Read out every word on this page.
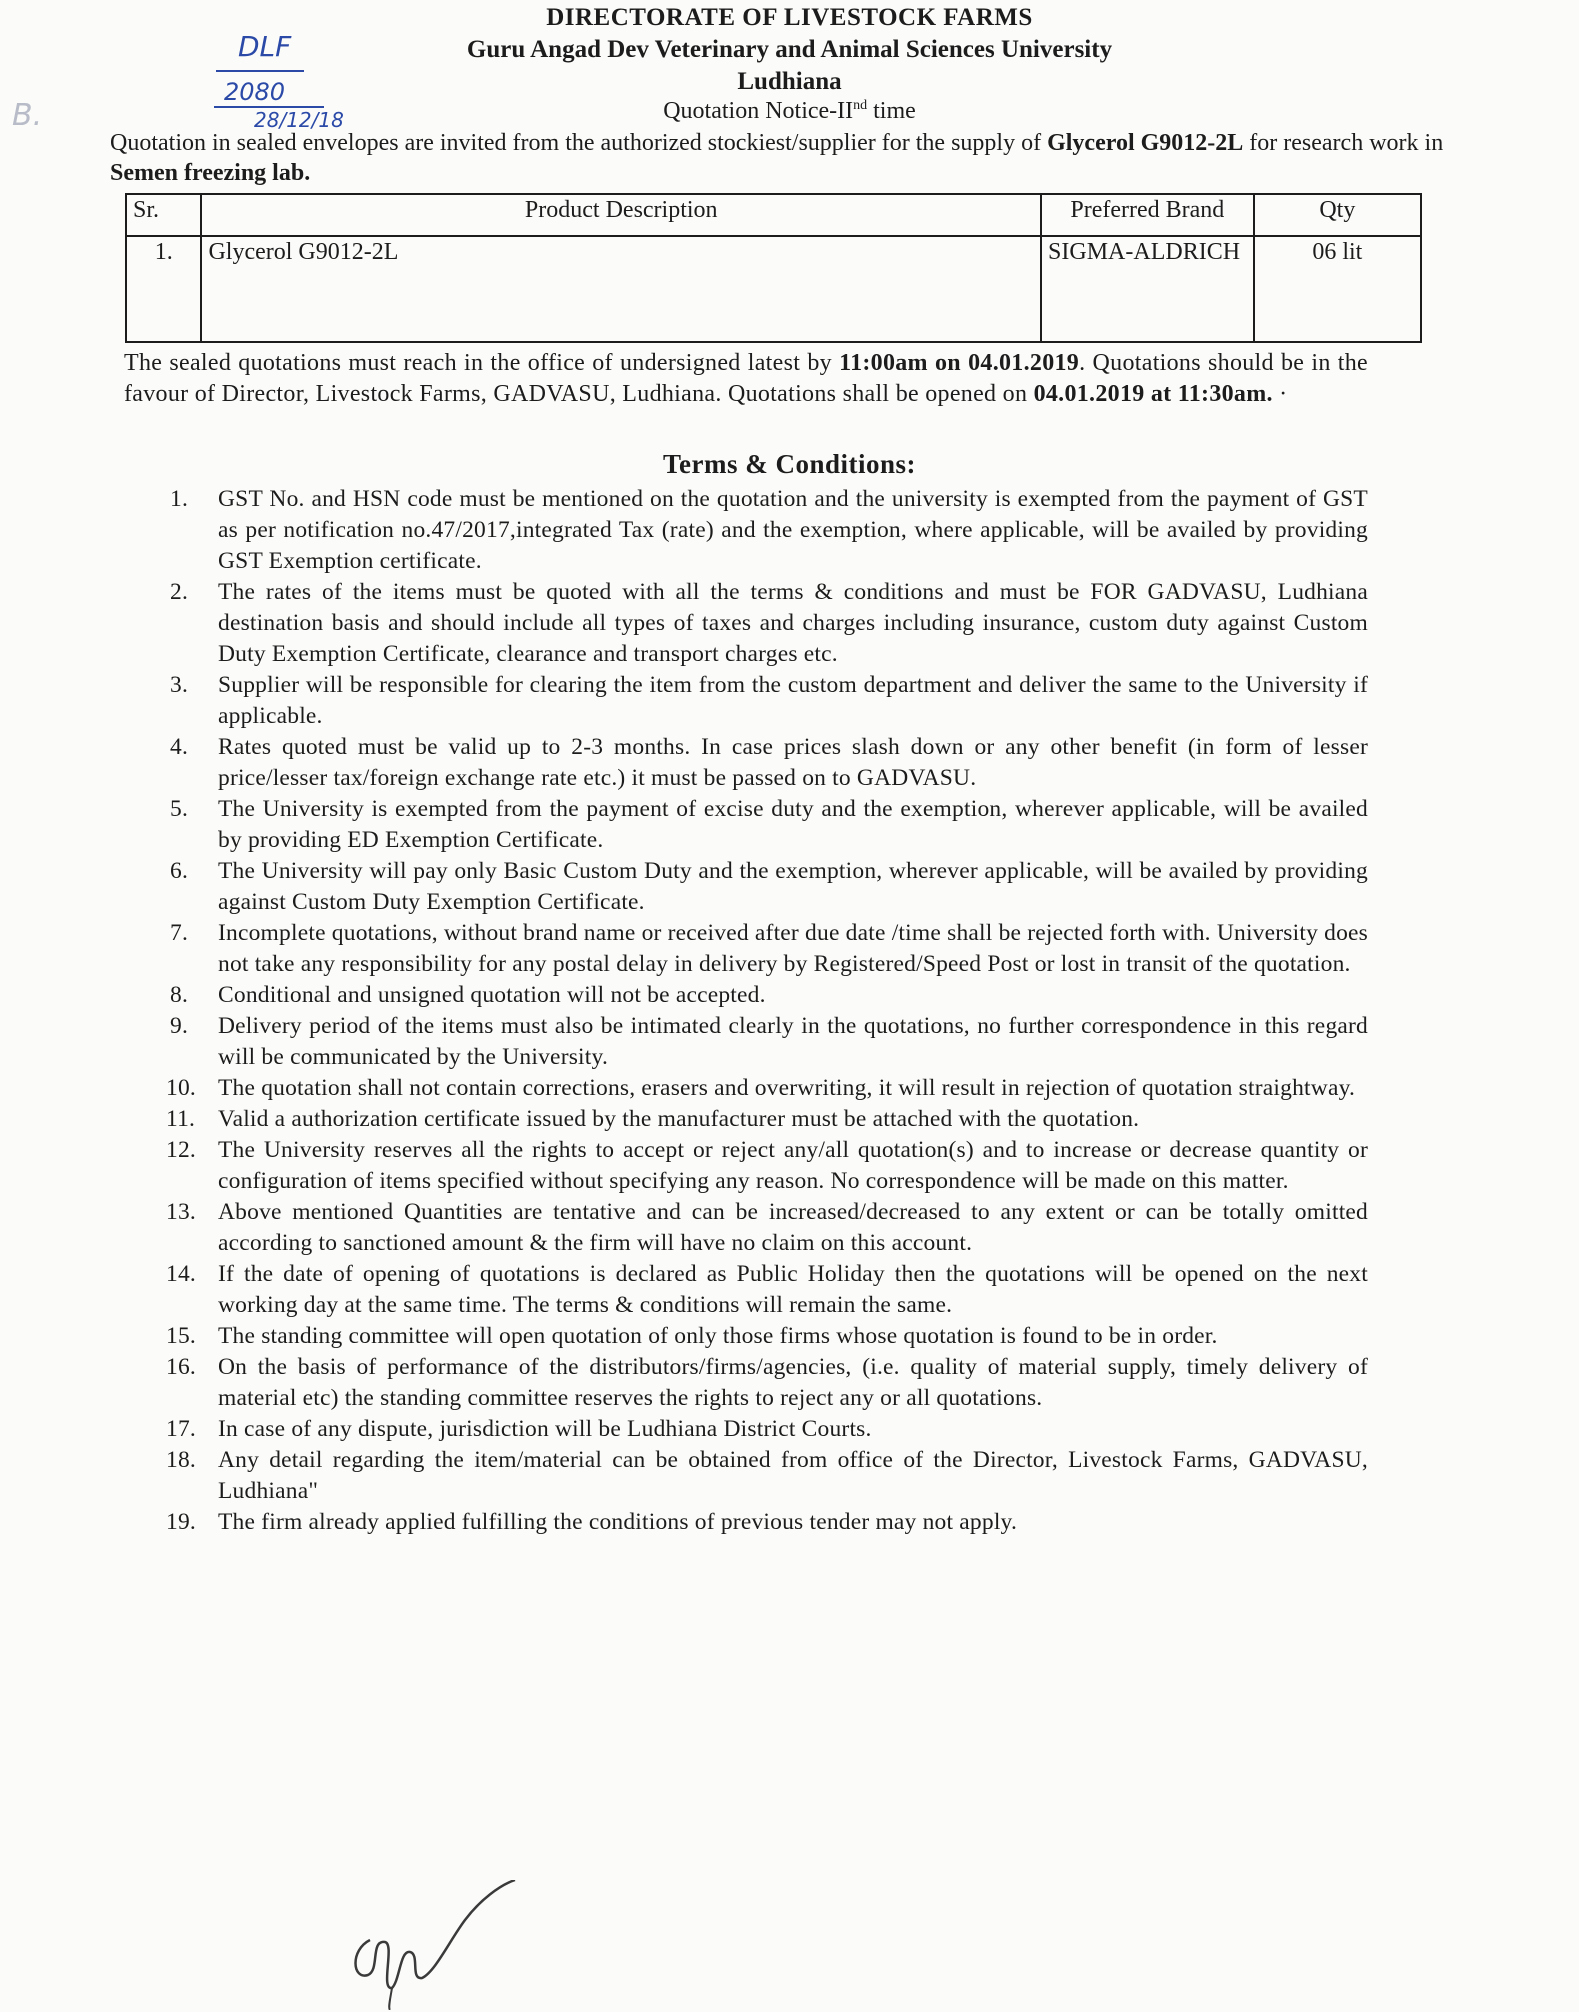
B.
DLF
2080
28/12/18
DIRECTORATE OF LIVESTOCK FARMS
Guru Angad Dev Veterinary and Animal Sciences University
Ludhiana
Quotation Notice-IInd time
Quotation in sealed envelopes are invited from the authorized stockiest/supplier for the supply of Glycerol G9012-2L for research work in Semen freezing lab.
Sr.	Product Description	Preferred Brand	Qty
1.	Glycerol G9012-2L	SIGMA-ALDRICH	06 lit
The sealed quotations must reach in the office of undersigned latest by 11:00am on 04.01.2019. Quotations should be in the favour of Director, Livestock Farms, GADVASU, Ludhiana. Quotations shall be opened on 04.01.2019 at 11:30am. ·
Terms & Conditions:
1.	GST No. and HSN code must be mentioned on the quotation and the university is exempted from the payment of GST as per notification no.47/2017,integrated Tax (rate) and the exemption, where applicable, will be availed by providing GST Exemption certificate.
2.	The rates of the items must be quoted with all the terms & conditions and must be FOR GADVASU, Ludhiana destination basis and should include all types of taxes and charges including insurance, custom duty against Custom Duty Exemption Certificate, clearance and transport charges etc.
3.	Supplier will be responsible for clearing the item from the custom department and deliver the same to the University if applicable.
4.	Rates quoted must be valid up to 2-3 months. In case prices slash down or any other benefit (in form of lesser price/lesser tax/foreign exchange rate etc.) it must be passed on to GADVASU.
5.	The University is exempted from the payment of excise duty and the exemption, wherever applicable, will be availed by providing ED Exemption Certificate.
6.	The University will pay only Basic Custom Duty and the exemption, wherever applicable, will be availed by providing against Custom Duty Exemption Certificate.
7.	Incomplete quotations, without brand name or received after due date /time shall be rejected forth with. University does not take any responsibility for any postal delay in delivery by Registered/Speed Post or lost in transit of the quotation.
8.	Conditional and unsigned quotation will not be accepted.
9.	Delivery period of the items must also be intimated clearly in the quotations, no further correspondence in this regard will be communicated by the University.
10. The quotation shall not contain corrections, erasers and overwriting, it will result in rejection of quotation straightway.
11. Valid a authorization certificate issued by the manufacturer must be attached with the quotation.
12. The University reserves all the rights to accept or reject any/all quotation(s) and to increase or decrease quantity or configuration of items specified without specifying any reason. No correspondence will be made on this matter.
13. Above mentioned Quantities are tentative and can be increased/decreased to any extent or can be totally omitted according to sanctioned amount & the firm will have no claim on this account.
14. If the date of opening of quotations is declared as Public Holiday then the quotations will be opened on the next working day at the same time. The terms & conditions will remain the same.
15. The standing committee will open quotation of only those firms whose quotation is found to be in order.
16. On the basis of performance of the distributors/firms/agencies, (i.e. quality of material supply, timely delivery of material etc) the standing committee reserves the rights to reject any or all quotations.
17. In case of any dispute, jurisdiction will be Ludhiana District Courts.
18. Any detail regarding the item/material can be obtained from office of the Director, Livestock Farms, GADVASU, Ludhiana"
19. The firm already applied fulfilling the conditions of previous tender may not apply.
